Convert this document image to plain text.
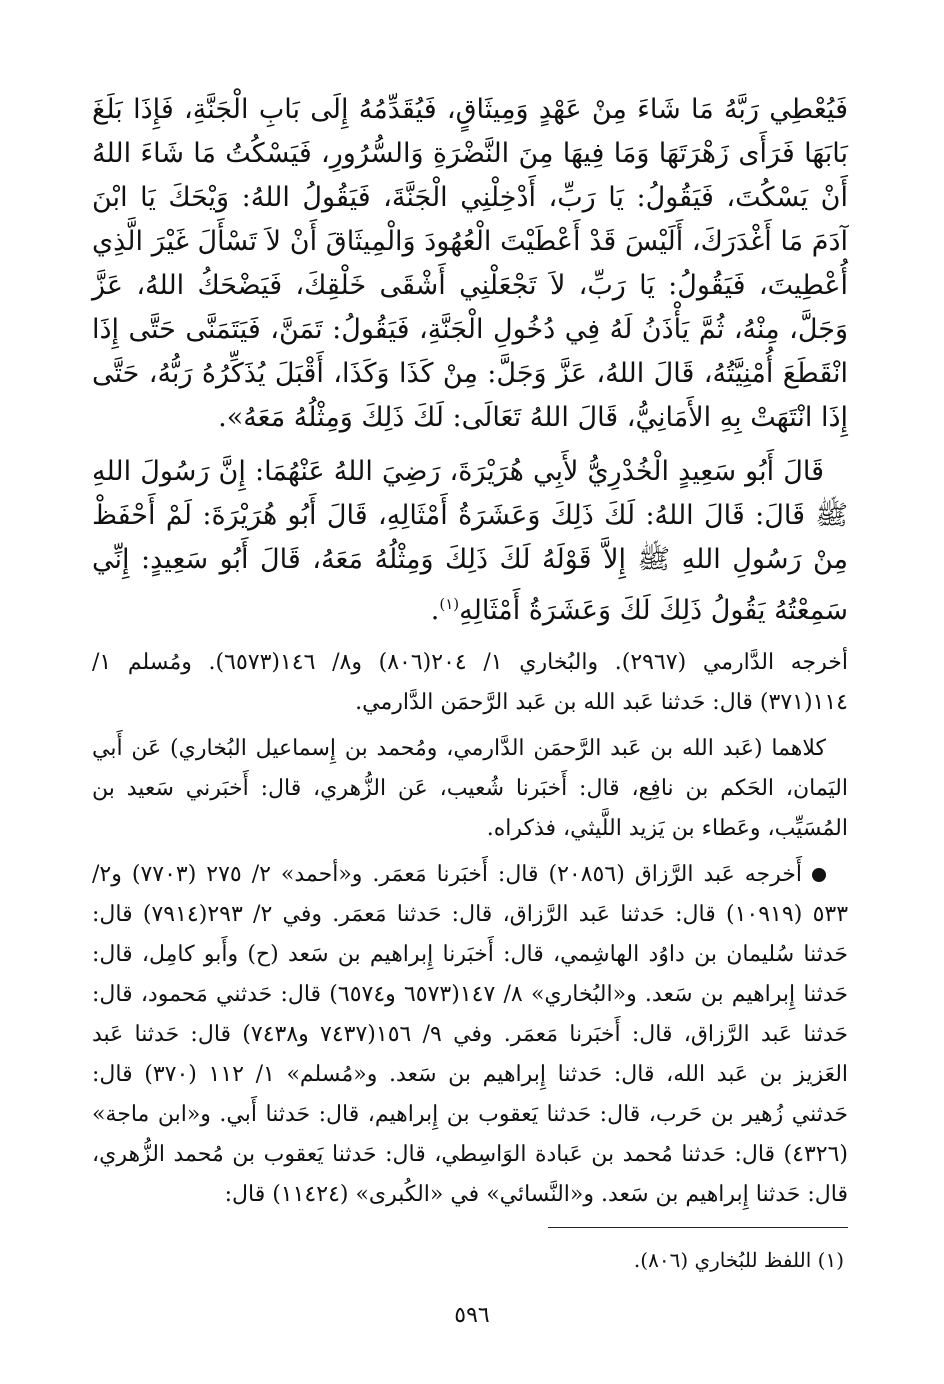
فَيُعْطِي رَبَّهُ مَا شَاءَ مِنْ عَهْدٍ وَمِيثَاقٍ، فَيُقَدِّمُهُ إِلَى بَابِ الْجَنَّةِ، فَإِذَا بَلَغَ بَابَهَا فَرَأَى زَهْرَتَهَا وَمَا فِيهَا مِنَ النَّضْرَةِ وَالسُّرُورِ، فَيَسْكُتُ مَا شَاءَ اللهُ أَنْ يَسْكُتَ، فَيَقُولُ: يَا رَبِّ، أَدْخِلْنِي الْجَنَّةَ، فَيَقُولُ اللهُ: وَيْحَكَ يَا ابْنَ آدَمَ مَا أَغْدَرَكَ، أَلَيْسَ قَدْ أَعْطَيْتَ الْعُهُودَ وَالْمِيثَاقَ أَنْ لاَ تَسْأَلَ غَيْرَ الَّذِي أُعْطِيتَ، فَيَقُولُ: يَا رَبِّ، لاَ تَجْعَلْنِي أَشْقَى خَلْقِكَ، فَيَضْحَكُ اللهُ، عَزَّ وَجَلَّ، مِنْهُ، ثُمَّ يَأْذَنُ لَهُ فِي دُخُولِ الْجَنَّةِ، فَيَقُولُ: تَمَنَّ، فَيَتَمَنَّى حَتَّى إِذَا انْقَطَعَ أُمْنِيَّتُهُ، قَالَ اللهُ، عَزَّ وَجَلَّ: مِنْ كَذَا وَكَذَا، أَقْبَلَ يُذَكِّرُهُ رَبُّهُ، حَتَّى إِذَا انْتَهَتْ بِهِ الأَمَانِيُّ، قَالَ اللهُ تَعَالَى: لَكَ ذَلِكَ وَمِثْلُهُ مَعَهُ».

قَالَ أَبُو سَعِيدٍ الْخُدْرِيُّ لأَبِي هُرَيْرَةَ، رَضِيَ اللهُ عَنْهُمَا: إِنَّ رَسُولَ اللهِ ﷺ قَالَ: قَالَ اللهُ: لَكَ ذَلِكَ وَعَشَرَةُ أَمْثَالِهِ، قَالَ أَبُو هُرَيْرَةَ: لَمْ أَحْفَظْ مِنْ رَسُولِ اللهِ ﷺ إِلاَّ قَوْلَهُ لَكَ ذَلِكَ وَمِثْلُهُ مَعَهُ، قَالَ أَبُو سَعِيدٍ: إِنِّي سَمِعْتُهُ يَقُولُ ذَلِكَ لَكَ وَعَشَرَةُ أَمْثَالِهِ$^{(١)}$.

أخرجه الدَّارمي (٢٩٦٧). والبُخاري ١/ ٢٠٤(٨٠٦) و٨/ ١٤٦(٦٥٧٣). ومُسلم ١/ ١١٤(٣٧١) قال: حَدثنا عَبد الله بن عَبد الرَّحمَن الدَّارمي.

كلاهما (عَبد الله بن عَبد الرَّحمَن الدَّارمي، ومُحمد بن إِسماعيل البُخاري) عَن أَبي اليَمان، الحَكم بن نافِع، قال: أَخبَرنا شُعيب، عَن الزُّهري، قال: أَخبَرني سَعيد بن المُسَيِّب، وعَطاء بن يَزيد اللَّيثي، فذكراه.

أَخرجه عَبد الرَّزاق (٢٠٨٥٦) قال: أَخبَرنا مَعمَر. و«أحمد» ٢/ ٢٧٥ (٧٧٠٣) و٢/ ٥٣٣ (١٠٩١٩) قال: حَدثنا عَبد الرَّزاق، قال: حَدثنا مَعمَر. وفي ٢/ ٢٩٣(٧٩١٤) قال: حَدثنا سُليمان بن داوُد الهاشِمي، قال: أَخبَرنا إِبراهيم بن سَعد (ح) وأَبو كامِل، قال: حَدثنا إِبراهيم بن سَعد. و«البُخاري» ٨/ ١٤٧(٦٥٧٣ و٦٥٧٤) قال: حَدثني مَحمود، قال: حَدثنا عَبد الرَّزاق، قال: أَخبَرنا مَعمَر. وفي ٩/ ١٥٦(٧٤٣٧ و٧٤٣٨) قال: حَدثنا عَبد العَزيز بن عَبد الله، قال: حَدثنا إِبراهيم بن سَعد. و«مُسلم» ١/ ١١٢ (٣٧٠) قال: حَدثني زُهير بن حَرب، قال: حَدثنا يَعقوب بن إِبراهيم، قال: حَدثنا أَبي. و«ابن ماجة» (٤٣٢٦) قال: حَدثنا مُحمد بن عَبادة الوَاسِطي، قال: حَدثنا يَعقوب بن مُحمد الزُّهري، قال: حَدثنا إِبراهيم بن سَعد. و«النَّسائي» في «الكُبرى» (١١٤٢٤) قال:

(١) اللفظ للبُخاري (٨٠٦).
٥٩٦
